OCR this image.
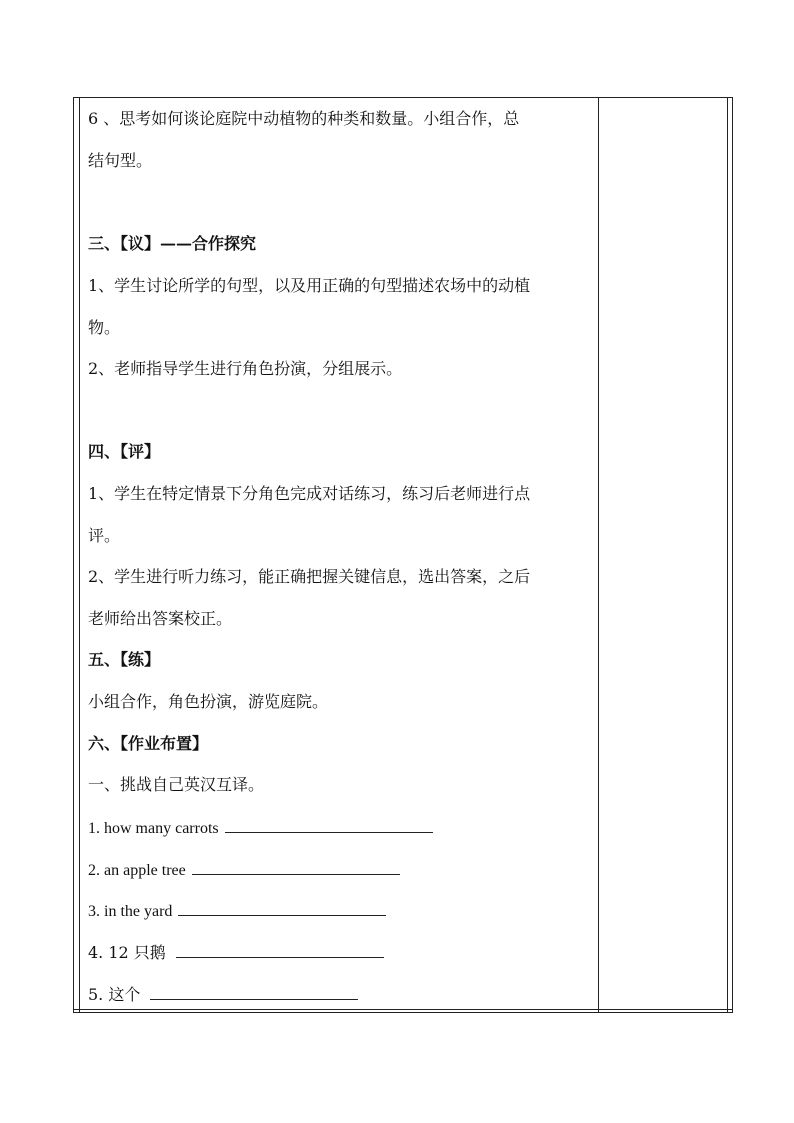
6 、思考如何谈论庭院中动植物的种类和数量。小组合作，总
结句型。
三、【议】——合作探究
1、学生讨论所学的句型，以及用正确的句型描述农场中的动植
物。
2、老师指导学生进行角色扮演，分组展示。
四、【评】
1、学生在特定情景下分角色完成对话练习，练习后老师进行点
评。
2、学生进行听力练习，能正确把握关键信息，选出答案，之后
老师给出答案校正。
五、【练】
小组合作，角色扮演，游览庭院。
六、【作业布置】
一、挑战自己英汉互译。
1. how many carrots
2. an apple tree
3. in the yard
4. 12 只鹅
5. 这个
